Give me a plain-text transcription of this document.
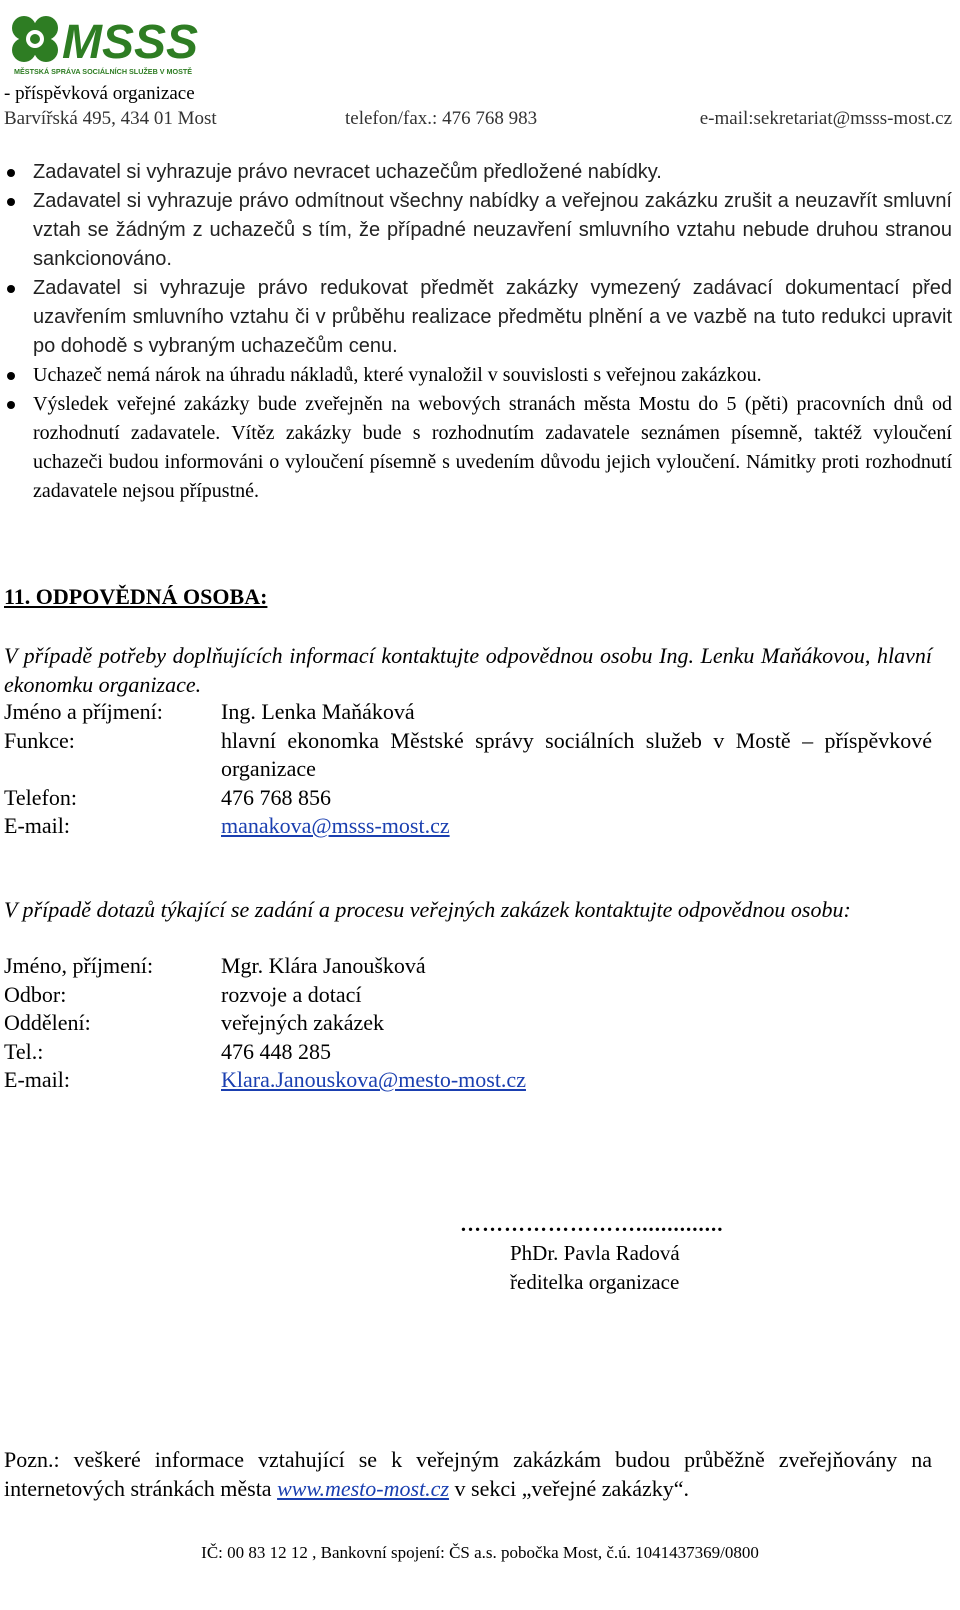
MSSS
MĚSTSKÁ SPRÁVA SOCIÁLNÍCH SLUŽEB V MOSTĚ
- příspěvková organizace
Barvířská 495, 434 01 Most	telefon/fax.: 476 768 983	e-mail:sekretariat@msss-most.cz
Zadavatel si vyhrazuje právo nevracet uchazečům předložené nabídky.
Zadavatel si vyhrazuje právo odmítnout všechny nabídky a veřejnou zakázku zrušit a neuzavřít smluvní vztah se žádným z uchazečů s tím, že případné neuzavření smluvního vztahu nebude druhou stranou sankcionováno.
Zadavatel si vyhrazuje právo redukovat předmět zakázky vymezený zadávací dokumentací před uzavřením smluvního vztahu či v průběhu realizace předmětu plnění a ve vazbě na tuto redukci upravit po dohodě s vybraným uchazečům cenu.
Uchazeč nemá nárok na úhradu nákladů, které vynaložil v souvislosti s veřejnou zakázkou.
Výsledek veřejné zakázky bude zveřejněn na webových stranách města Mostu do 5 (pěti) pracovních dnů od rozhodnutí zadavatele. Vítěz zakázky bude s rozhodnutím zadavatele seznámen písemně, taktéž vyloučení uchazeči budou informováni o vyloučení písemně s uvedením důvodu jejich vyloučení. Námitky proti rozhodnutí zadavatele nejsou přípustné.
11. ODPOVĚDNÁ OSOBA:
V případě potřeby doplňujících informací kontaktujte odpovědnou osobu Ing. Lenku Maňákovou, hlavní ekonomku organizace.
Jméno a příjmení:	Ing. Lenka Maňáková
Funkce:	hlavní ekonomka Městské správy sociálních služeb v Mostě – příspěvkové organizace
Telefon:	476 768 856
E-mail:	manakova@msss-most.cz
V případě dotazů týkající se zadání a procesu veřejných zakázek kontaktujte odpovědnou osobu:
Jméno, příjmení:	Mgr. Klára Janoušková
Odbor:	rozvoje a dotací
Oddělení:	veřejných zakázek
Tel.:	476 448 285
E-mail:	Klara.Janouskova@mesto-most.cz
……………………..............
PhDr. Pavla Radová
ředitelka organizace
Pozn.: veškeré informace vztahující se k veřejným zakázkám budou průběžně zveřejňovány na internetových stránkách města www.mesto-most.cz v sekci „veřejné zakázky“.
IČ: 00 83 12 12 , Bankovní spojení: ČS a.s. pobočka Most, č.ú. 1041437369/0800
